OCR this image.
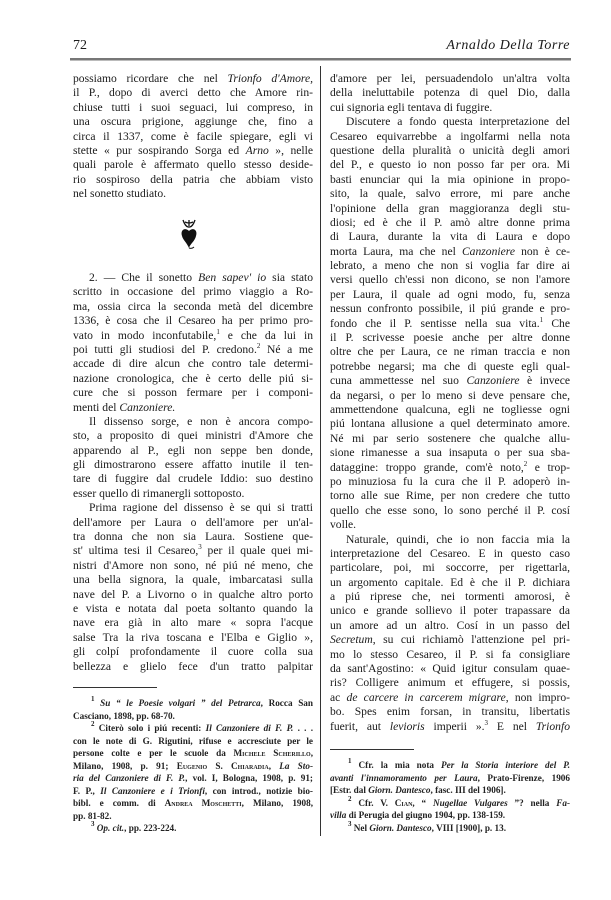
72	Arnaldo Della Torre
possiamo ricordare che nel Trionfo d'Amore,
il P., dopo di averci detto che Amore rin-
chiuse tutti i suoi seguaci, lui compreso, in
una oscura prigione, aggiunge che, fino a
circa il 1337, come è facile spiegare, egli vi
stette « pur sospirando Sorga ed Arno », nelle
quali parole è affermato quello stesso deside-
rio sospiroso della patria che abbiam visto
nel sonetto studiato.
2. — Che il sonetto Ben sapev' io sia stato
scritto in occasione del primo viaggio a Ro-
ma, ossia circa la seconda metà del dicembre
1336, è cosa che il Cesareo ha per primo pro-
vato in modo inconfutabile,$^1$ e che da lui in
poi tutti gli studiosi del P. credono.$^2$ Né a me
accade di dire alcun che contro tale determi-
nazione cronologica, che è certo delle piú si-
cure che si posson fermare per i componi-
menti del Canzoniere.
Il dissenso sorge, e non è ancora compo-
sto, a proposito di quei ministri d'Amore che
apparendo al P., egli non seppe ben donde,
gli dimostrarono essere affatto inutile il ten-
tare di fuggire dal crudele Iddio: suo destino
esser quello di rimanergli sottoposto.
Prima ragione del dissenso è se qui si tratti
dell'amore per Laura o dell'amore per un'al-
tra donna che non sia Laura. Sostiene que-
st' ultima tesi il Cesareo,$^3$ per il quale quei mi-
nistri d'Amore non sono, né piú né meno, che
una bella signora, la quale, imbarcatasi sulla
nave del P. a Livorno o in qualche altro porto
e vista e notata dal poeta soltanto quando la
nave era già in alto mare « sopra l'acque
salse Tra la riva toscana e l'Elba e Giglio »,
gli colpí profondamente il cuore colla sua
bellezza e glielo fece d'un tratto palpitar
$^1$ Su “ le Poesie volgari ” del Petrarca, Rocca San
Casciano, 1898, pp. 68-70.
$^2$ Citerò solo i piú recenti: Il Canzoniere di F. P. . . .
con le note di G. Rigutini, rifuse e accresciute per le
persone colte e per le scuole da Michele Scherillo,
Milano, 1908, p. 91; Eugenio S. Chiaradia, La Sto-
ria del Canzoniere di F. P., vol. I, Bologna, 1908, p. 91;
F. P., Il Canzoniere e i Trionfi, con introd., notizie bio-
bibl. e comm. di Andrea Moschetti, Milano, 1908,
pp. 81-82.
$^3$ Op. cit., pp. 223-224.
d'amore per lei, persuadendolo un'altra volta
della ineluttabile potenza di quel Dio, dalla
cui signoria egli tentava di fuggire.
Discutere a fondo questa interpretazione del
Cesareo equivarrebbe a ingolfarmi nella nota
questione della pluralità o unicità degli amori
del P., e questo io non posso far per ora. Mi
basti enunciar qui la mia opinione in propo-
sito, la quale, salvo errore, mi pare anche
l'opinione della gran maggioranza degli stu-
diosi; ed è che il P. amò altre donne prima
di Laura, durante la vita di Laura e dopo
morta Laura, ma che nel Canzoniere non è ce-
lebrato, a meno che non si voglia far dire ai
versi quello ch'essi non dicono, se non l'amore
per Laura, il quale ad ogni modo, fu, senza
nessun confronto possibile, il piú grande e pro-
fondo che il P. sentisse nella sua vita.$^1$ Che
il P. scrivesse poesie anche per altre donne
oltre che per Laura, ce ne riman traccia e non
potrebbe negarsi; ma che di queste egli qual-
cuna ammettesse nel suo Canzoniere è invece
da negarsi, o per lo meno si deve pensare che,
ammettendone qualcuna, egli ne togliesse ogni
piú lontana allusione a quel determinato amore.
Né mi par serio sostenere che qualche allu-
sione rimanesse a sua insaputa o per sua sba-
dataggine: troppo grande, com'è noto,$^2$ e trop-
po minuziosa fu la cura che il P. adoperò in-
torno alle sue Rime, per non credere che tutto
quello che esse sono, lo sono perché il P. cosí
volle.
Naturale, quindi, che io non faccia mia la
interpretazione del Cesareo. E in questo caso
particolare, poi, mi soccorre, per rigettarla,
un argomento capitale. Ed è che il P. dichiara
a piú riprese che, nei tormenti amorosi, è
unico e grande sollievo il poter trapassare da
un amore ad un altro. Cosí in un passo del
Secretum, su cui richiamò l'attenzione pel pri-
mo lo stesso Cesareo, il P. si fa consigliare
da sant'Agostino: « Quid igitur consulam quae-
ris? Colligere animum et effugere, si possis,
ac de carcere in carcerem migrare, non impro-
bo. Spes enim forsan, in transitu, libertatis
fuerit, aut levioris imperii ».$^3$ E nel Trionfo
$^1$ Cfr. la mia nota Per la Storia interiore del P.
avanti l'innamoramento per Laura, Prato-Firenze, 1906
[Estr. dal Giorn. Dantesco, fasc. III del 1906].
$^2$ Cfr. V. Cian, “ Nugellae Vulgares ”? nella Fa-
villa di Perugia del giugno 1904, pp. 138-159.
$^3$ Nel Giorn. Dantesco, VIII [1900], p. 13.
